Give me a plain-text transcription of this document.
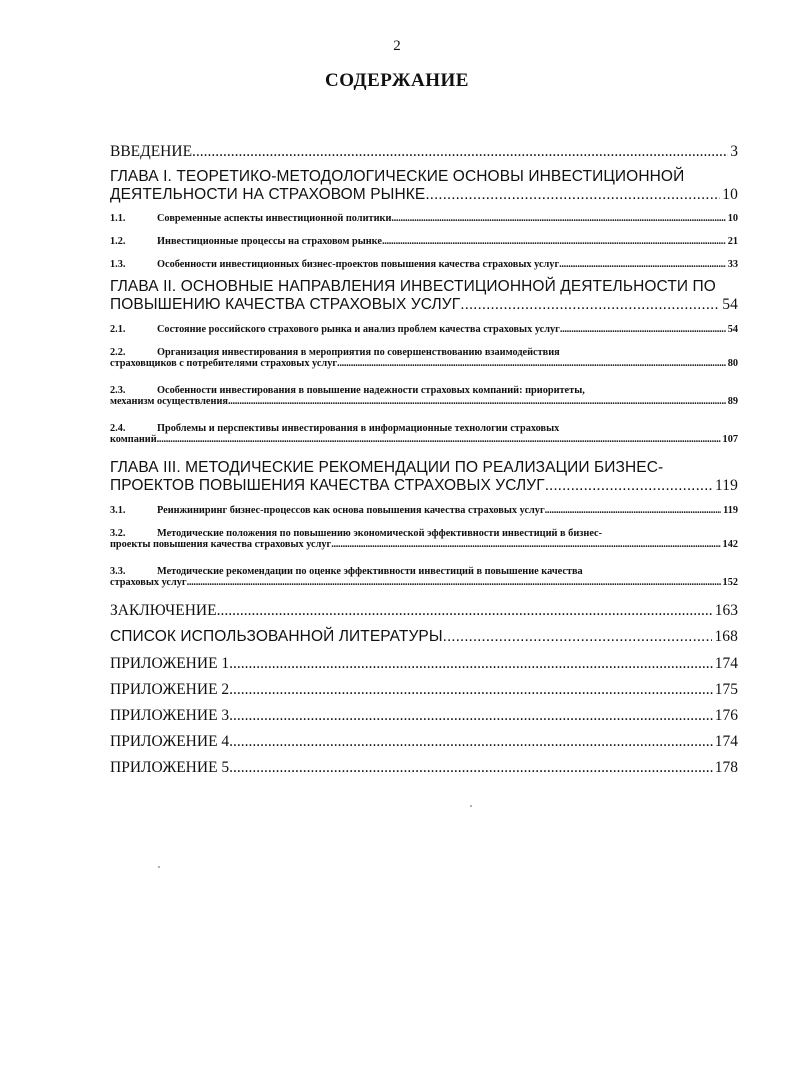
2
СОДЕРЖАНИЕ
ВВЕДЕНИЕ .....	3
ГЛАВА I. ТЕОРЕТИКО-МЕТОДОЛОГИЧЕСКИЕ ОСНОВЫ ИНВЕСТИЦИОННОЙ
ДЕЯТЕЛЬНОСТИ НА СТРАХОВОМ РЫНКЕ .....	10
1.1.	Современные аспекты инвестиционной политики .....	10
1.2.	Инвестиционные процессы на страховом рынке .....	21
1.3.	Особенности инвестиционных бизнес-проектов повышения качества страховых услуг .....	33
ГЛАВА II. ОСНОВНЫЕ НАПРАВЛЕНИЯ ИНВЕСТИЦИОННОЙ ДЕЯТЕЛЬНОСТИ ПО
ПОВЫШЕНИЮ КАЧЕСТВА СТРАХОВЫХ УСЛУГ .....	54
2.1.	Состояние российского страхового рынка и анализ проблем качества страховых услуг .....	54
2.2.	Организация инвестирования в мероприятия по совершенствованию взаимодействия
страховщиков с потребителями страховых услуг .....	80
2.3.	Особенности инвестирования в повышение надежности страховых компаний: приоритеты,
механизм осуществления .....	89
2.4.	Проблемы и перспективы инвестирования в информационные технологии страховых
компаний .....	107
ГЛАВА III. МЕТОДИЧЕСКИЕ РЕКОМЕНДАЦИИ ПО РЕАЛИЗАЦИИ БИЗНЕС-
ПРОЕКТОВ ПОВЫШЕНИЯ КАЧЕСТВА СТРАХОВЫХ УСЛУГ .....	119
3.1.	Реинжиниринг бизнес-процессов как основа повышения качества страховых услуг .....	119
3.2.	Методические положения по повышению экономической эффективности инвестиций в бизнес-
проекты повышения качества страховых услуг .....	142
3.3.	Методические рекомендации по оценке эффективности инвестиций в повышение качества
страховых услуг .....	152
ЗАКЛЮЧЕНИЕ .....	163
СПИСОК ИСПОЛЬЗОВАННОЙ ЛИТЕРАТУРЫ .....	168
ПРИЛОЖЕНИЕ 1 .....	174
ПРИЛОЖЕНИЕ 2 .....	175
ПРИЛОЖЕНИЕ 3 .....	176
ПРИЛОЖЕНИЕ 4 .....	174
ПРИЛОЖЕНИЕ 5 .....	178
